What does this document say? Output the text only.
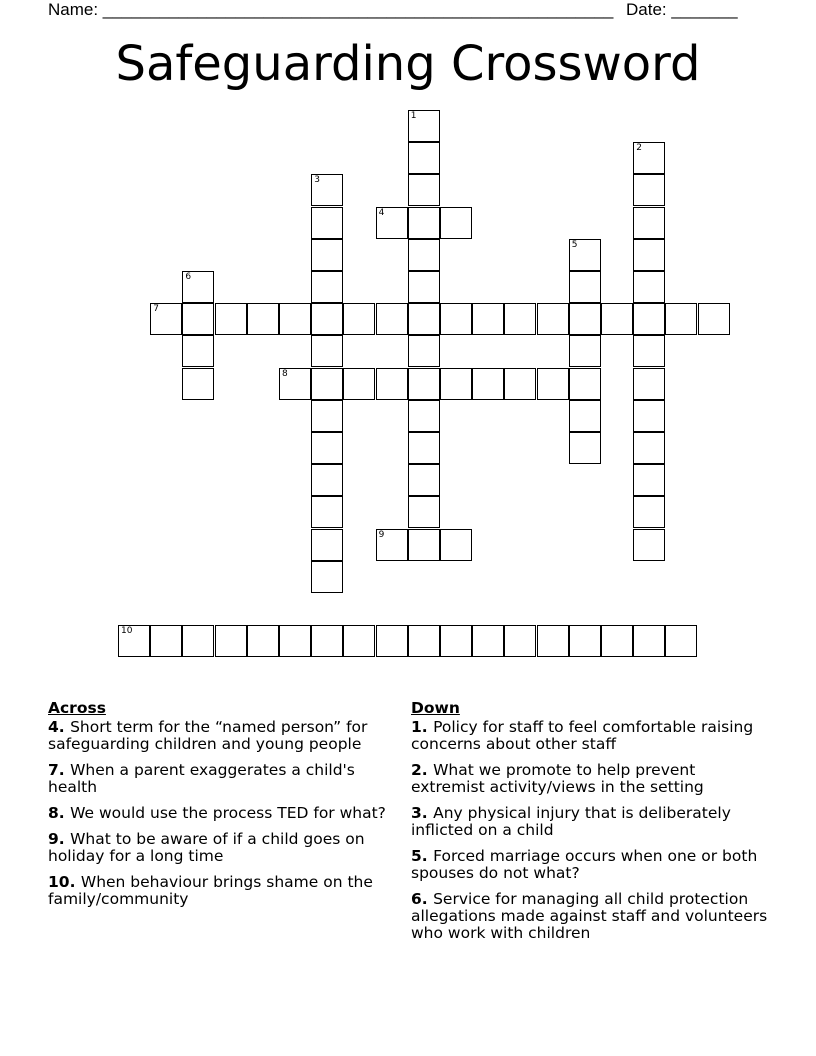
Name: ______________________________________________________ Date: _______
Safeguarding Crossword
1
2
3
4
5
6
7
8
9
10
Across
4. Short term for the “named person” for safeguarding children and young people
7. When a parent exaggerates a child's health
8. We would use the process TED for what?
9. What to be aware of if a child goes on holiday for a long time
10. When behaviour brings shame on the family/community
Down
1. Policy for staff to feel comfortable raising concerns about other staff
2. What we promote to help prevent extremist activity/views in the setting
3. Any physical injury that is deliberately inflicted on a child
5. Forced marriage occurs when one or both spouses do not what?
6. Service for managing all child protection allegations made against staff and volunteers who work with children
